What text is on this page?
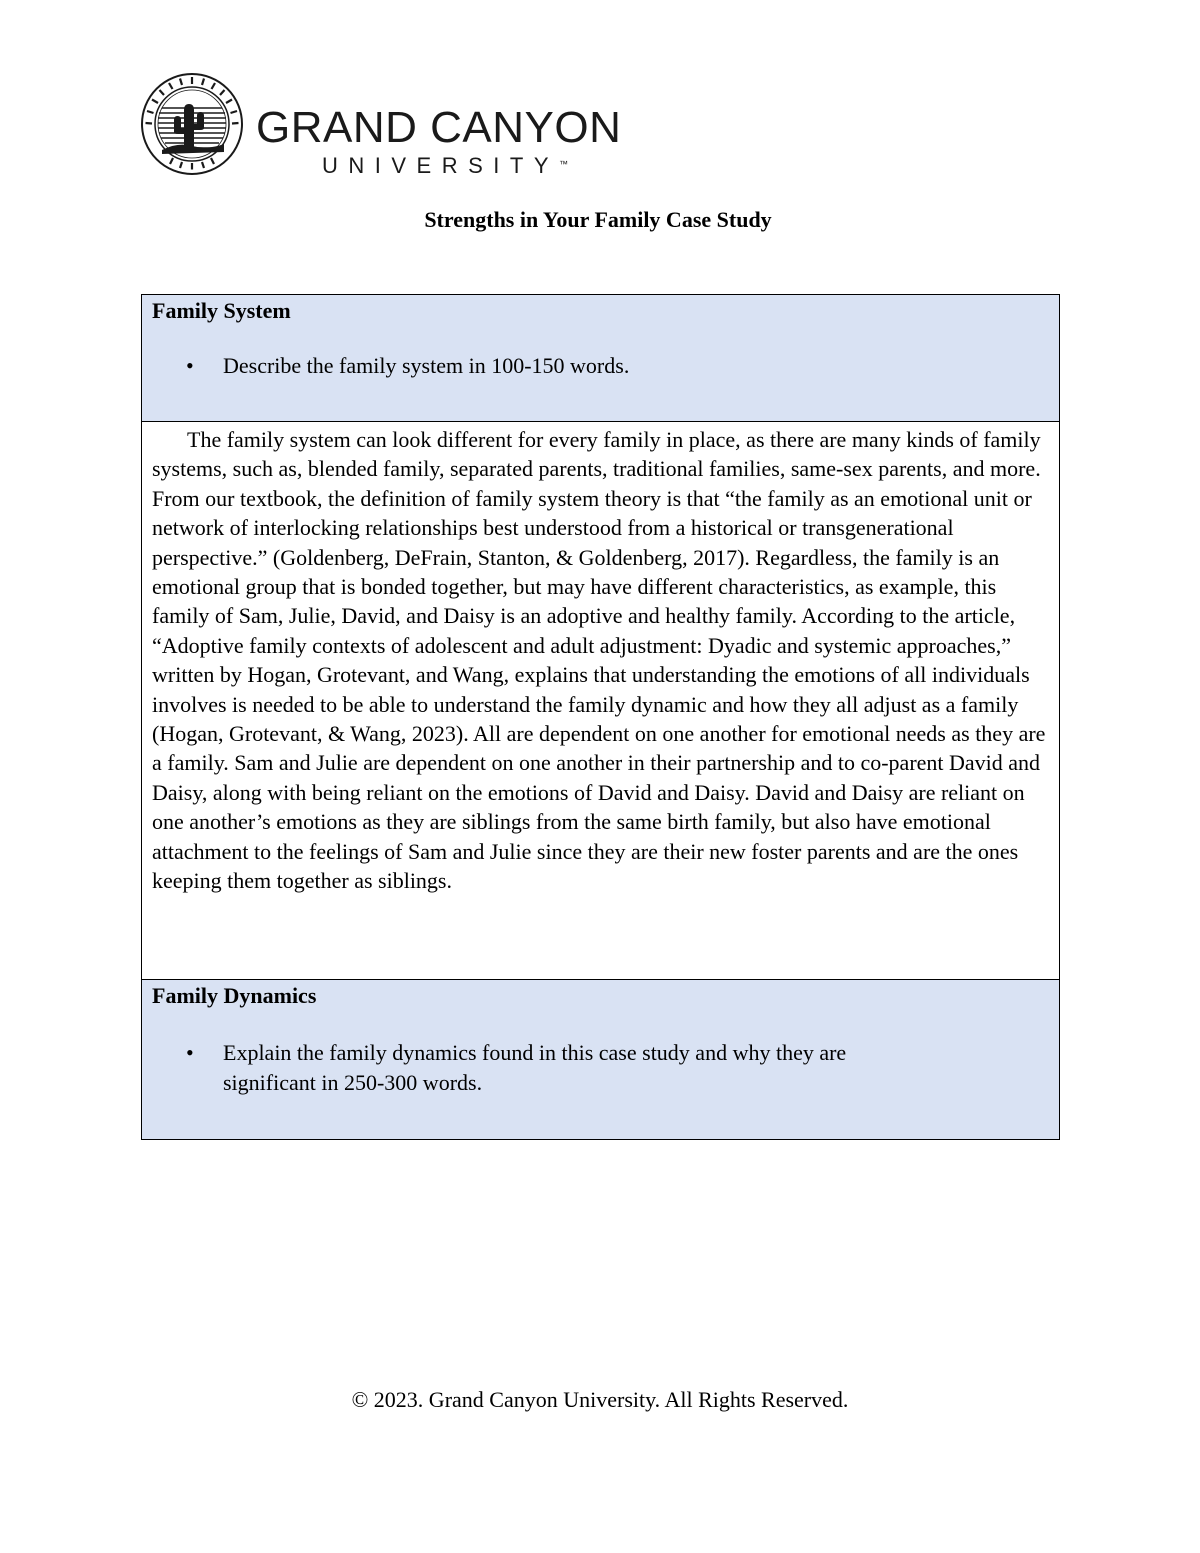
GRAND CANYON
UNIVERSITY™
Strengths in Your Family Case Study
Family System
• Describe the family system in 100-150 words.

The family system can look different for every family in place, as there are many kinds of family systems, such as, blended family, separated parents, traditional families, same-sex parents, and more. From our textbook, the definition of family system theory is that “the family as an emotional unit or network of interlocking relationships best understood from a historical or transgenerational perspective.” (Goldenberg, DeFrain, Stanton, & Goldenberg, 2017). Regardless, the family is an emotional group that is bonded together, but may have different characteristics, as example, this family of Sam, Julie, David, and Daisy is an adoptive and healthy family. According to the article, “Adoptive family contexts of adolescent and adult adjustment: Dyadic and systemic approaches,” written by Hogan, Grotevant, and Wang, explains that understanding the emotions of all individuals involves is needed to be able to understand the family dynamic and how they all adjust as a family (Hogan, Grotevant, & Wang, 2023). All are dependent on one another for emotional needs as they are a family. Sam and Julie are dependent on one another in their partnership and to co-parent David and Daisy, along with being reliant on the emotions of David and Daisy. David and Daisy are reliant on one another’s emotions as they are siblings from the same birth family, but also have emotional attachment to the feelings of Sam and Julie since they are their new foster parents and are the ones keeping them together as siblings.

Family Dynamics
• Explain the family dynamics found in this case study and why they are significant in 250-300 words.
© 2023. Grand Canyon University. All Rights Reserved.
